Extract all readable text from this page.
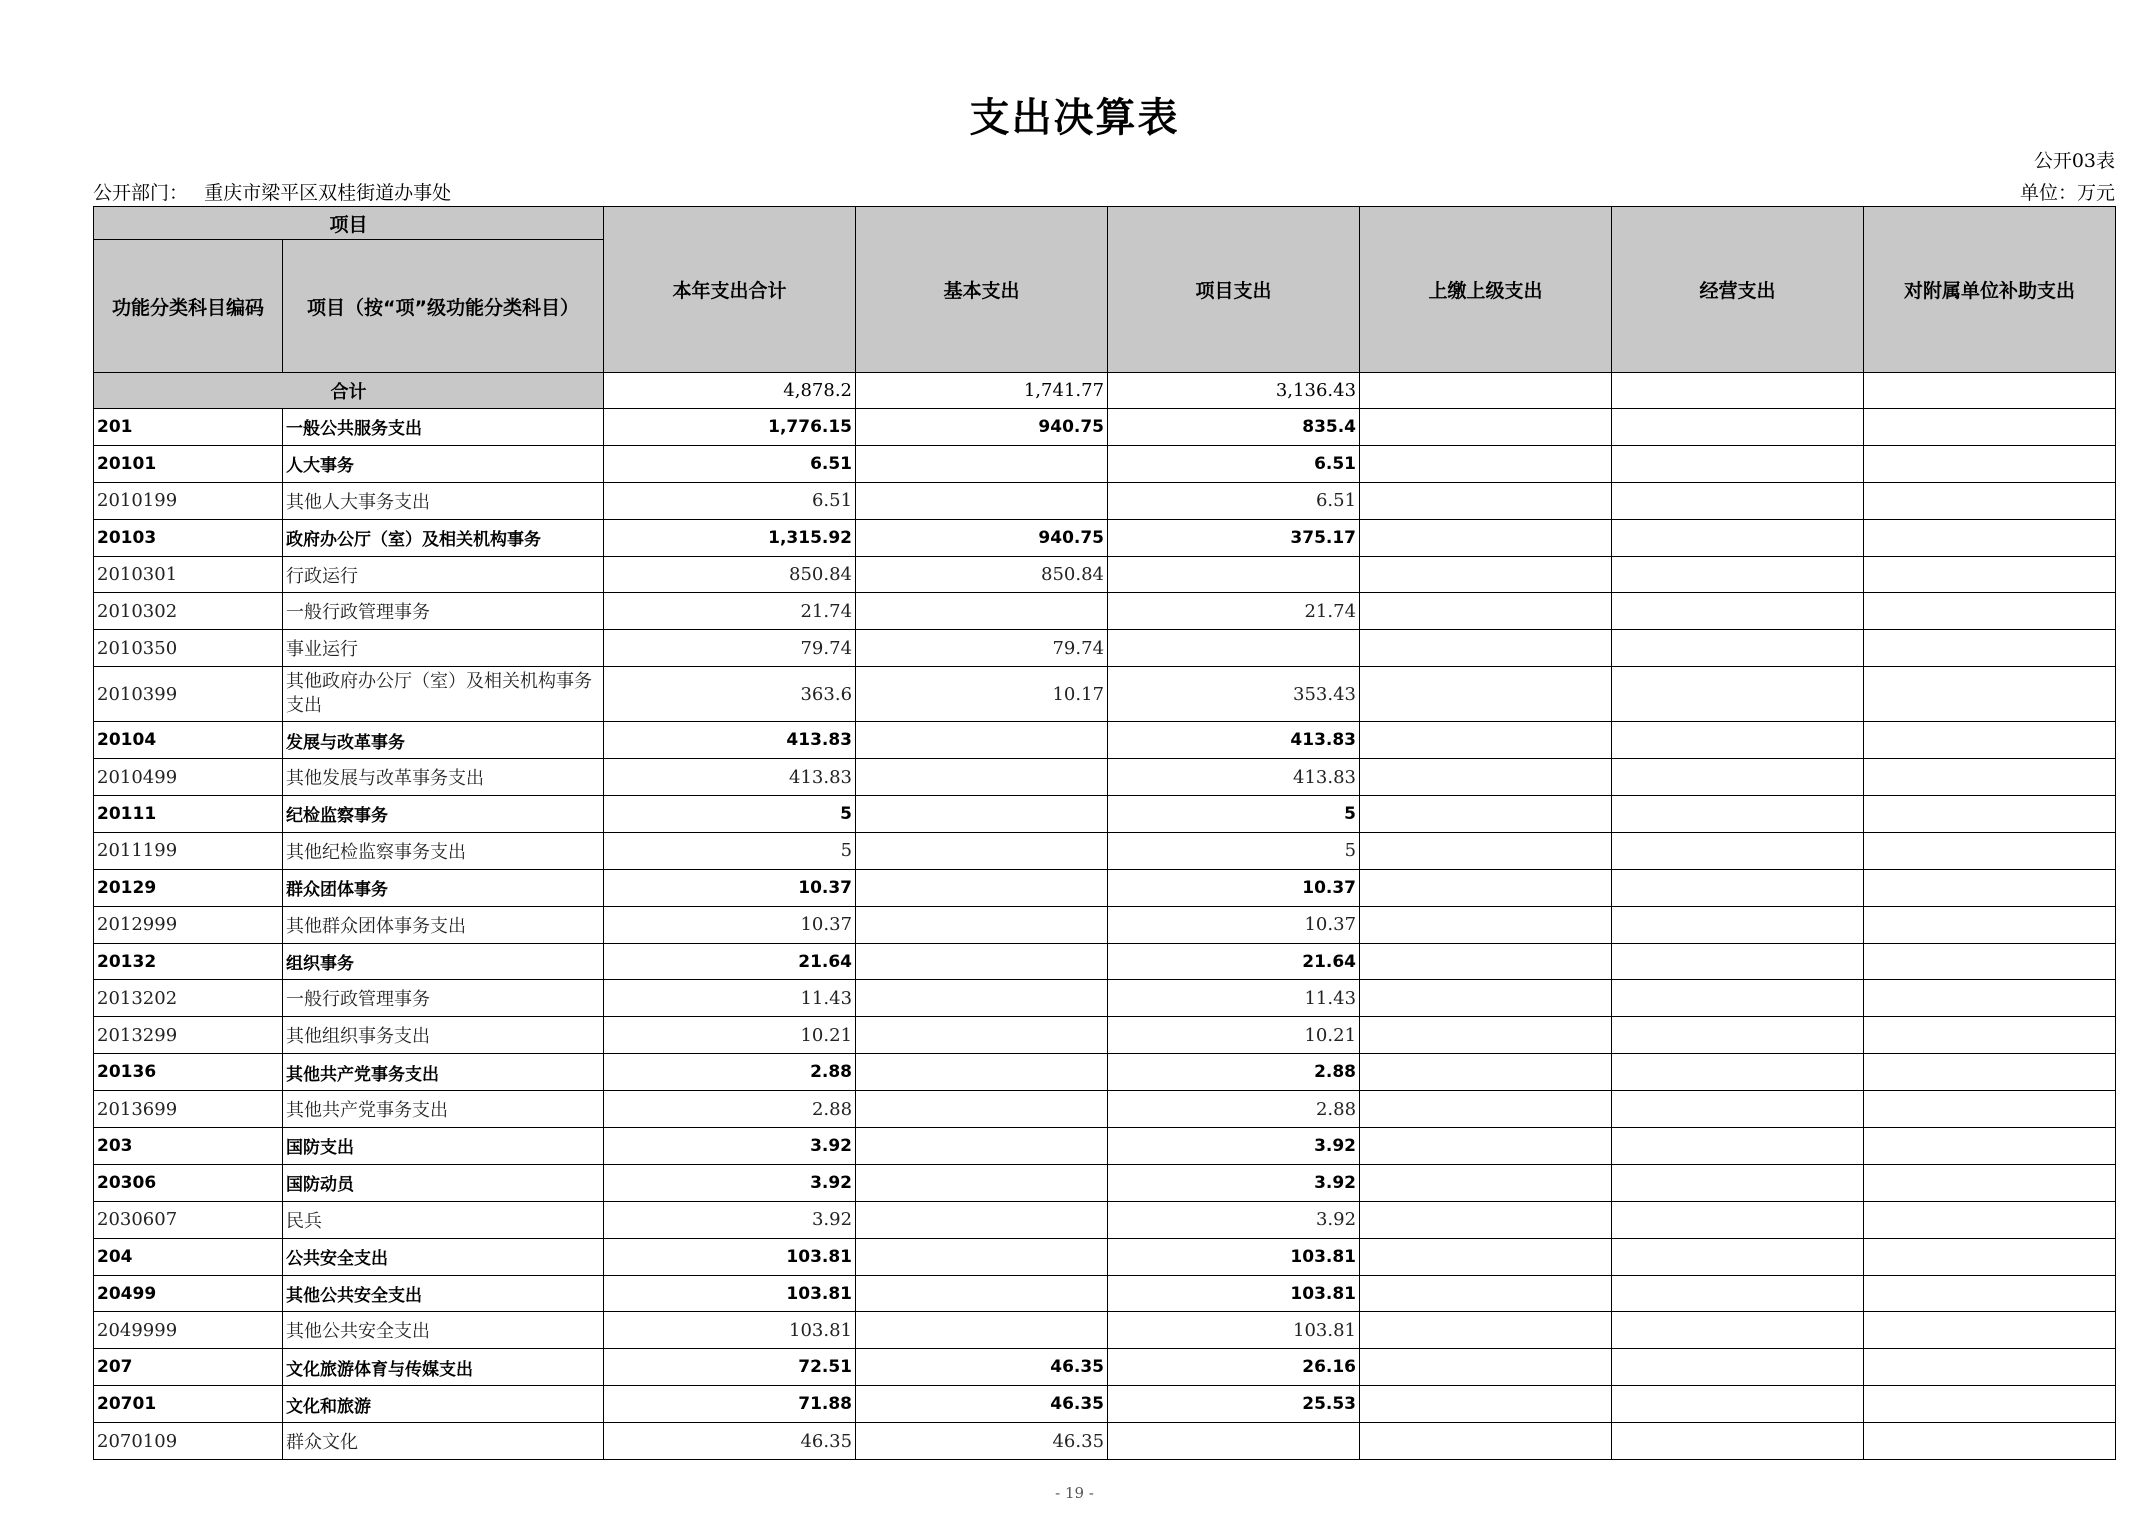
支出决算表
公开03表
公开部门： 重庆市梁平区双桂街道办事处	单位：万元
项目		本年支出合计	基本支出	项目支出	上缴上级支出	经营支出	对附属单位补助支出
功能分类科目编码	项目（按“项”级功能分类科目）						
合计		4,878.2	1,741.77	3,136.43			
201	一般公共服务支出	1,776.15	940.75	835.4			
20101	人大事务	6.51		6.51			
2010199	其他人大事务支出	6.51		6.51			
20103	政府办公厅（室）及相关机构事务	1,315.92	940.75	375.17			
2010301	行政运行	850.84	850.84				
2010302	一般行政管理事务	21.74		21.74			
2010350	事业运行	79.74	79.74				
2010399	其他政府办公厅（室）及相关机构事务支出	363.6	10.17	353.43			
20104	发展与改革事务	413.83		413.83			
2010499	其他发展与改革事务支出	413.83		413.83			
20111	纪检监察事务	5		5			
2011199	其他纪检监察事务支出	5		5			
20129	群众团体事务	10.37		10.37			
2012999	其他群众团体事务支出	10.37		10.37			
20132	组织事务	21.64		21.64			
2013202	一般行政管理事务	11.43		11.43			
2013299	其他组织事务支出	10.21		10.21			
20136	其他共产党事务支出	2.88		2.88			
2013699	其他共产党事务支出	2.88		2.88			
203	国防支出	3.92		3.92			
20306	国防动员	3.92		3.92			
2030607	民兵	3.92		3.92			
204	公共安全支出	103.81		103.81			
20499	其他公共安全支出	103.81		103.81			
2049999	其他公共安全支出	103.81		103.81			
207	文化旅游体育与传媒支出	72.51	46.35	26.16			
20701	文化和旅游	71.88	46.35	25.53			
2070109	群众文化	46.35	46.35				
- 19 -
